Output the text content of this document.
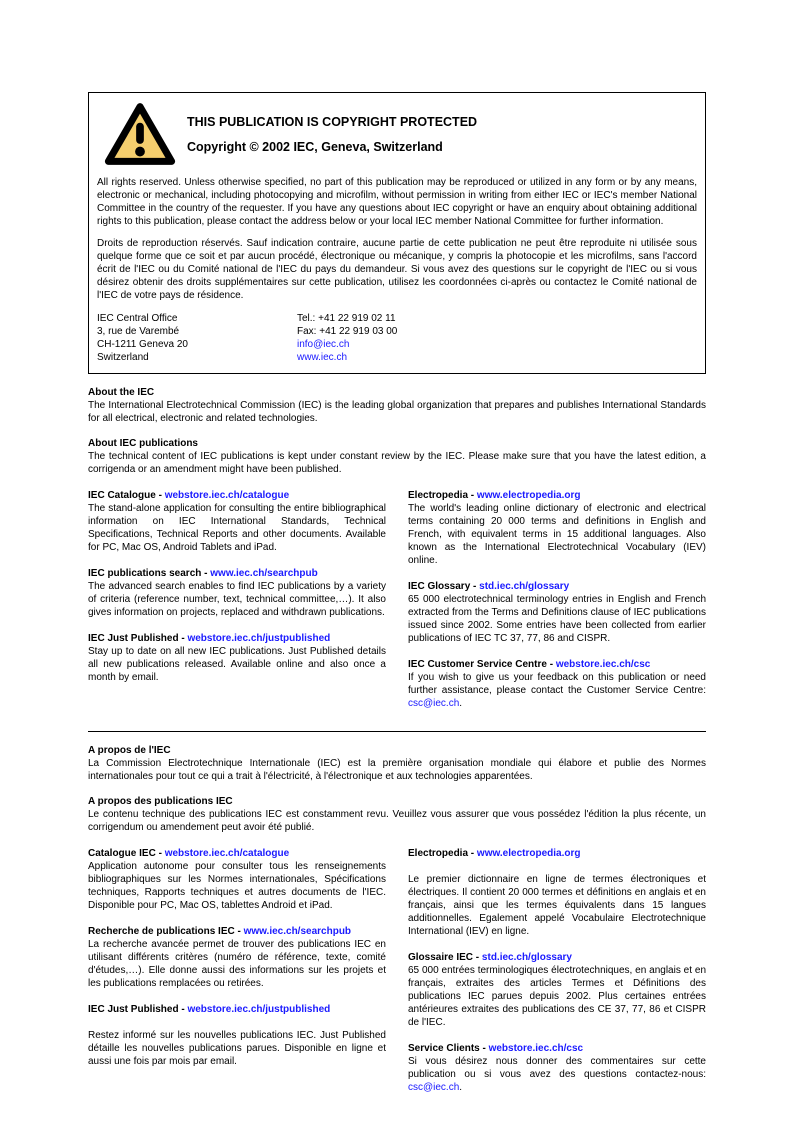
THIS PUBLICATION IS COPYRIGHT PROTECTED
Copyright © 2002 IEC, Geneva, Switzerland
All rights reserved. Unless otherwise specified, no part of this publication may be reproduced or utilized in any form or by any means, electronic or mechanical, including photocopying and microfilm, without permission in writing from either IEC or IEC's member National Committee in the country of the requester. If you have any questions about IEC copyright or have an enquiry about obtaining additional rights to this publication, please contact the address below or your local IEC member National Committee for further information.
Droits de reproduction réservés. Sauf indication contraire, aucune partie de cette publication ne peut être reproduite ni utilisée sous quelque forme que ce soit et par aucun procédé, électronique ou mécanique, y compris la photocopie et les microfilms, sans l'accord écrit de l'IEC ou du Comité national de l'IEC du pays du demandeur. Si vous avez des questions sur le copyright de l'IEC ou si vous désirez obtenir des droits supplémentaires sur cette publication, utilisez les coordonnées ci-après ou contactez le Comité national de l'IEC de votre pays de résidence.
IEC Central Office
3, rue de Varembé
CH-1211 Geneva 20
Switzerland
Tel.: +41 22 919 02 11
Fax: +41 22 919 03 00
info@iec.ch
www.iec.ch
About the IEC
The International Electrotechnical Commission (IEC) is the leading global organization that prepares and publishes International Standards for all electrical, electronic and related technologies.
About IEC publications
The technical content of IEC publications is kept under constant review by the IEC. Please make sure that you have the latest edition, a corrigenda or an amendment might have been published.
IEC Catalogue - webstore.iec.ch/catalogue
The stand-alone application for consulting the entire bibliographical information on IEC International Standards, Technical Specifications, Technical Reports and other documents. Available for PC, Mac OS, Android Tablets and iPad.
IEC publications search - www.iec.ch/searchpub
The advanced search enables to find IEC publications by a variety of criteria (reference number, text, technical committee,…). It also gives information on projects, replaced and withdrawn publications.
IEC Just Published - webstore.iec.ch/justpublished
Stay up to date on all new IEC publications. Just Published details all new publications released. Available online and also once a month by email.
Electropedia - www.electropedia.org
The world's leading online dictionary of electronic and electrical terms containing 20 000 terms and definitions in English and French, with equivalent terms in 15 additional languages. Also known as the International Electrotechnical Vocabulary (IEV) online.
IEC Glossary - std.iec.ch/glossary
65 000 electrotechnical terminology entries in English and French extracted from the Terms and Definitions clause of IEC publications issued since 2002. Some entries have been collected from earlier publications of IEC TC 37, 77, 86 and CISPR.
IEC Customer Service Centre - webstore.iec.ch/csc
If you wish to give us your feedback on this publication or need further assistance, please contact the Customer Service Centre: csc@iec.ch.
A propos de l'IEC
La Commission Electrotechnique Internationale (IEC) est la première organisation mondiale qui élabore et publie des Normes internationales pour tout ce qui a trait à l'électricité, à l'électronique et aux technologies apparentées.
A propos des publications IEC
Le contenu technique des publications IEC est constamment revu. Veuillez vous assurer que vous possédez l'édition la plus récente, un corrigendum ou amendement peut avoir été publié.
Catalogue IEC - webstore.iec.ch/catalogue
Application autonome pour consulter tous les renseignements bibliographiques sur les Normes internationales, Spécifications techniques, Rapports techniques et autres documents de l'IEC. Disponible pour PC, Mac OS, tablettes Android et iPad.
Recherche de publications IEC - www.iec.ch/searchpub
La recherche avancée permet de trouver des publications IEC en utilisant différents critères (numéro de référence, texte, comité d'études,…). Elle donne aussi des informations sur les projets et les publications remplacées ou retirées.
IEC Just Published - webstore.iec.ch/justpublished
Restez informé sur les nouvelles publications IEC. Just Published détaille les nouvelles publications parues. Disponible en ligne et aussi une fois par mois par email.
Electropedia - www.electropedia.org
Le premier dictionnaire en ligne de termes électroniques et électriques. Il contient 20 000 termes et définitions en anglais et en français, ainsi que les termes équivalents dans 15 langues additionnelles. Egalement appelé Vocabulaire Electrotechnique International (IEV) en ligne.
Glossaire IEC - std.iec.ch/glossary
65 000 entrées terminologiques électrotechniques, en anglais et en français, extraites des articles Termes et Définitions des publications IEC parues depuis 2002. Plus certaines entrées antérieures extraites des publications des CE 37, 77, 86 et CISPR de l'IEC.
Service Clients - webstore.iec.ch/csc
Si vous désirez nous donner des commentaires sur cette publication ou si vous avez des questions contactez-nous: csc@iec.ch.
